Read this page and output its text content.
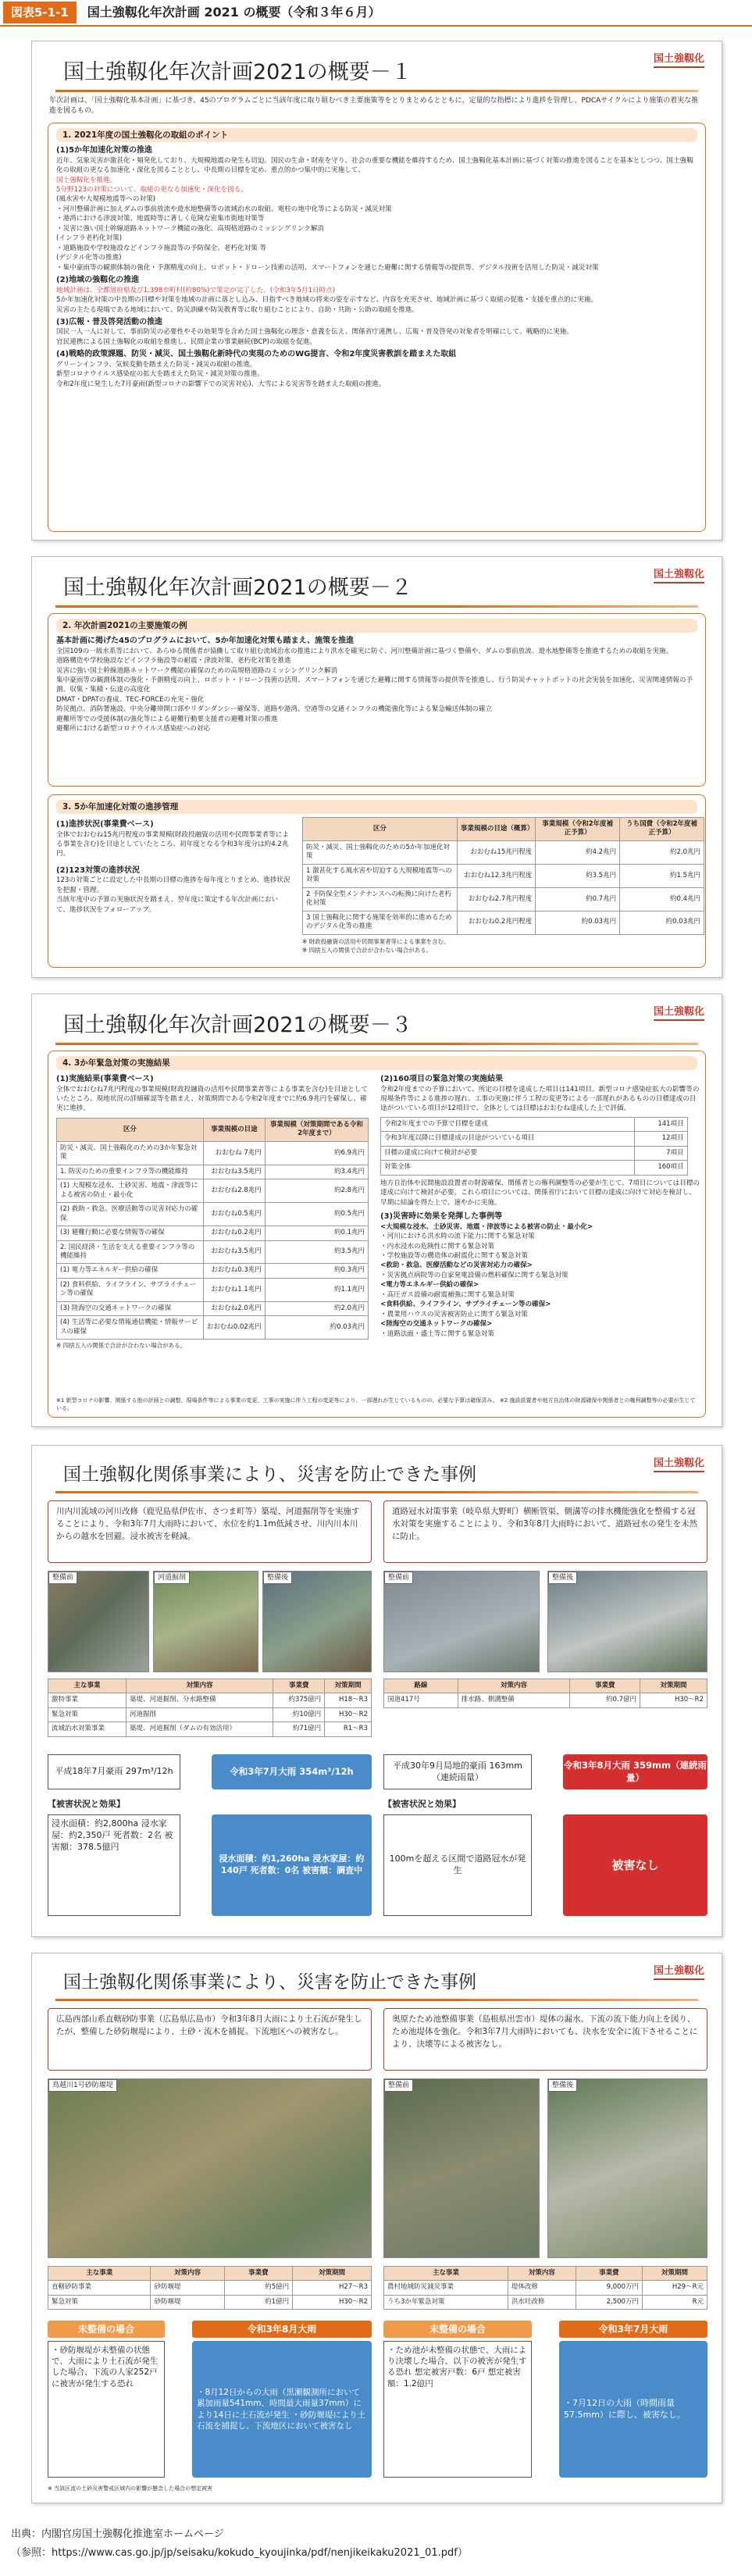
図表5-1-1	国土強靱化年次計画 2021 の概要（令和３年６月）
国土強靱化
国土強靱化年次計画2021の概要－１
年次計画は、「国土強靱化基本計画」に基づき、45のプログラムごとに当該年度に取り組むべき主要施策等をとりまとめるとともに、定量的な指標により進捗を管理し、PDCAサイクルにより施策の着実な推進を図るもの。
1. 2021年度の国土強靱化の取組のポイント
(1)5か年加速化対策の推進
近年、気象災害が激甚化・頻発化しており、大規模地震の発生も切迫。国民の生命・財産を守り、社会の重要な機能を維持するため、国土強靱化基本計画に基づく対策の推進を図ることを基本としつつ、国土強靱化の取組の更なる加速化・深化を図ることとし、中長期の目標を定め、重点的かつ集中的に実施して、
国土強靱化を推進。
5分野123の対策について、取組の更なる加速化・深化を図る。
(風水害や大規模地震等への対策)
・河川整備計画に加えダムの事前放流や遊水地整備等の流域治水の取組、電柱の地中化等による防災・減災対策
・港湾における津波対策、地震時等に著しく危険な密集市街地対策等
・災害に強い国土幹線道路ネットワーク機能の強化、高規格道路のミッシングリンク解消
(インフラ老朽化対策)
・道路施設や学校施設などインフラ施設等の予防保全、老朽化対策 等
(デジタル化等の推進)
・集中豪雨等の観測体制の強化・予測精度の向上、ロボット・ドローン技術の活用、スマートフォンを通じた避難に関する情報等の提供等、デジタル技術を活用した防災・減災対策
(2)地域の強靱化の推進
地域計画は、全都道府県及び1,398市町村(約80%)で策定が完了した。(令和3年5月1日時点)
5か年加速化対策の中長期の目標や対策を地域の計画に落とし込み、目指すべき地域の将来の姿を示すなど、内容を充実させ、地域計画に基づく取組の促進・支援を重点的に実施。
災害の主たる現場である地域において、防災訓練や防災教育等に取り組むことにより、自助・共助・公助の取組を推進。
(3)広報・普及啓発活動の推進
国民一人一人に対して、事前防災の必要性やその効果等を含めた国土強靱化の理念・意義を伝え、関係省庁連携し、広報・普及啓発の対象者を明確にして、戦略的に実施。
官民連携による国土強靱化の取組を推進し、民間企業の事業継続(BCP)の取組を促進。
(4)戦略的政策課題、防災・減災、国土強靱化新時代の実現のためのWG提言、令和2年度災害教訓を踏まえた取組
グリーンインフラ、気候変動を踏まえた防災・減災の取組の推進。
新型コロナウイルス感染症の拡大を踏まえた防災・減災対策の推進。
令和2年度に発生した7月豪雨(新型コロナの影響下での災害対応)、大雪による災害等を踏まえた取組の推進。
国土強靱化
国土強靱化年次計画2021の概要－２
2. 年次計画2021の主要施策の例
基本計画に掲げた45のプログラムにおいて、5か年加速化対策も踏まえ、施策を推進
全国109の一級水系等において、あらゆる関係者が協働して取り組む流域治水の推進により洪水を確実に防ぐ、河川整備計画に基づく整備や、ダムの事前放流、遊水地整備等を推進するための取組を実施。
道路構造や学校施設などインフラ施設等の耐震・津波対策、老朽化対策を推進
災害に強い国土幹線道路ネットワーク機能の確保のための高規格道路のミッシングリンク解消
集中豪雨等の観測体制の強化・予測精度の向上、ロボット・ドローン技術の活用、スマートフォンを通じた避難に関する情報等の提供等を推進し、行う防災チャットボットの社会実装を加速化、災害関連情報の予測、収集・集積・伝達の高度化
DMAT・DPATの養成、TEC-FORCEの充実・強化
防災拠点、消防署施設、中央分離帯開口部やリダンダンシー確保等、道路や港湾、空港等の交通インフラの機能強化等による緊急輸送体制の確立
避難所等での受援体制の強化等による避難行動要支援者の避難対策の推進
避難所における新型コロナウイルス感染症への対応
3. 5か年加速化対策の進捗管理
(1)進捗状況(事業費ベース)
全体でおおむね15兆円程度の事業規模(財政投融資の活用や民間事業者等による事業を含む)を目途としていたところ、初年度となる令和3年度分は約4.2兆円。
(2)123対策の進捗状況
123の対策ごとに設定した中長期の目標の進捗を毎年度とりまとめ、進捗状況を把握・管理。
当該年度中の予算の実施状況を踏まえ、翌年度に策定する年次計画において、進捗状況をフォローアップ。
区分	事業規模の目途（概算）	事業規模（令和2年度補正予算）	うち国費（令和2年度補正予算）
防災・減災、国土強靱化のための5か年加速化対策	おおむね15兆円程度	約4.2兆円	約2.0兆円
1 激甚化する風水害や切迫する大規模地震等への対策	おおむね12.3兆円程度	約3.5兆円	約1.5兆円
2 予防保全型メンテナンスへの転換に向けた老朽化対策	おおむね2.7兆円程度	約0.7兆円	約0.4兆円
3 国土強靱化に関する施策を効率的に進めるためのデジタル化等の推進	おおむね0.2兆円程度	約0.03兆円	約0.03兆円
※ 財政投融資の活用や民間事業者等による事業を含む。
※ 四捨五入の関係で合計が合わない場合がある。
国土強靱化
国土強靱化年次計画2021の概要－３
4. 3か年緊急対策の実施結果
(1)実施結果(事業費ベース)
全体でおおむね7兆円程度の事業規模(財政投融資の活用や民間事業者等による事業を含む)を目途としていたところ、現地状況の詳細確認等を踏まえ、対策期間である令和2年度までに約6.9兆円を確保し、確実に進捗。
区分	事業規模の目途	事業規模（対策期間である令和2年度まで）
防災・減災、国土強靱化のための3か年緊急対策	おおむね 7兆円	約6.9兆円
1. 防災のための重要インフラ等の機能維持	おおむね3.5兆円	約3.4兆円
(1) 大規模な浸水、土砂災害、地震・津波等による被害の防止・最小化	おおむね2.8兆円	約2.8兆円
(2) 救助・救急、医療活動等の災害対応力の確保	おおむね0.5兆円	約0.5兆円
(3) 避難行動に必要な情報等の確保	おおむね0.2兆円	約0.1兆円
2. 国民経済・生活を支える重要インフラ等の機能維持	おおむね3.5兆円	約3.5兆円
(1) 電力等エネルギー供給の確保	おおむね0.3兆円	約0.3兆円
(2) 食料供給、ライフライン、サプライチェーン等の確保	おおむね1.1兆円	約1.1兆円
(3) 陸海空の交通ネットワークの確保	おおむね2.0兆円	約2.0兆円
(4) 生活等に必要な情報通信機能・情報サービスの確保	おおむね0.02兆円	約0.03兆円
※ 四捨五入の関係で合計が合わない場合がある。
(2)160項目の緊急対策の実施結果
令和2年度までの予算において、所定の目標を達成した項目は141項目。新型コロナ感染症拡大の影響等の現場条件等による進捗の遅れ、工事の実施に伴う工程の変更等による一部遅れがあるものの目標達成の目途がついている項目が12項目で、全体としては目標はおおむね達成した上で評価。
令和2年度までの予算で目標を達成	141項目
令和3年度以降に目標達成の目途がついている項目	12項目
目標の達成に向けて検討が必要	7項目
対策全体	160項目
地方自治体や民間施設設置者の財源確保、関係者との権利調整等の必要が生じて、7項目については目標の達成に向けて検討が必要。これら項目については、関係省庁において目標の達成に向けて対応を検討し、早期に結論を得た上で、速やかに実施。
(3)災害時に効果を発揮した事例等
<大規模な浸水、土砂災害、地震・津波等による被害の防止・最小化>
・河川における洪水時の流下能力に関する緊急対策
・内水浸水の危険性に関する緊急対策
・学校施設等の構造体の耐震化に関する緊急対策
<救助・救急、医療活動などの災害対応力の確保>
・災害拠点病院等の自家発電設備の燃料確保に関する緊急対策
<電力等エネルギー供給の確保>
・高圧ガス設備の耐震補強に関する緊急対策
<食料供給、ライフライン、サプライチェーン等の確保>
・農業用ハウスの災害被害防止に関する緊急対策
<陸海空の交通ネットワークの確保>
・道路法面・盛土等に関する緊急対策
※1 新型コロナの影響、関係する他の計画との調整、現場条件等による事業の変更、工事の実施に伴う工程の変更等により、一部遅れが生じているものの、必要な予算は確保済み。 ※2 施設設置者や地方自治体の財源確保や関係者との権利調整等の必要が生じている。
国土強靱化
国土強靱化関係事業により、災害を防止できた事例
川内川流域の河川改修（鹿児島県伊佐市、さつま町等）築堤、河道掘削等を実施することにより、令和3年7月大雨時において、水位を約1.1m低減させ、川内川本川からの越水を回避。浸水被害を軽減。
整備前	河道掘削	整備後
主な事業	対策内容	事業費	対策期間
激特事業	築堤、河道掘削、分水路整備	約375億円	H18～R3
緊急対策	河道掘削	約10億円	H30～R2
流域治水対策事業	築堤、河道掘削（ダムの有効活用）	約71億円	R1～R3
平成18年7月豪雨 297m³/12h	令和3年7月大雨 354m³/12h
【被害状況と効果】
浸水面積：約2,800ha 浸水家屋：約2,350戸 死者数：2名 被害額：378.5億円
浸水面積：約1,260ha 浸水家屋：約140戸 死者数：0名 被害額：調査中
道路冠水対策事業（岐阜県大野町）横断管渠、側溝等の排水機能強化を整備する冠水対策を実施することにより、令和3年8月大雨時において、道路冠水の発生を未然に防止。
整備前	整備後
路線	対策内容	事業費	対策期間
国道417号	排水路、側溝整備	約0.7億円	H30～R2
平成30年9月局地的豪雨 163mm（連続雨量）
令和3年8月大雨 359mm（連続雨量）
【被害状況と効果】
100mを超える区間で道路冠水が発生	被害なし
国土強靱化
国土強靱化関係事業により、災害を防止できた事例
広島西部山系直轄砂防事業（広島県広島市）令和3年8月大雨により土石流が発生したが、整備した砂防堰堤により、土砂・流木を捕捉。下流地区への被害なし。
鳥越川1号砂防堰堤
主な事業	対策内容	事業費	対策期間
直轄砂防事業	砂防堰堤	約5億円	H27～R3
緊急対策	砂防堰堤	約1億円	H30～R2
未整備の場合
・砂防堰堤が未整備の状態で、大雨により土石流が発生した場合、下流の人家252戸に被害が発生する恐れ
令和3年8月大雨
・8月12日からの大雨（黒瀬観測所において累加雨量541mm、時間最大雨量37mm）により14日に土石流が発生 ・砂防堰堤により土石流を捕捉し、下流地区において被害なし
※ 当該区流の土砂災害警戒区域内の影響が懸念した場合の想定被害
奥原たため池整備事業（島根県出雲市）堤体の漏水、下流の流下能力向上を図り、ため池堤体を強化。令和3年7月大雨時においても、決水を安全に流下させることにより、決壊等による被害なし。
整備前	整備後
主な事業	対策内容	事業費	対策期間
農村地域防災減災事業	堤体改修	9,000万円	H29～R元
うち3か年緊急対策	洪水吐改修	2,500万円	R元
未整備の場合
・ため池が未整備の状態で、大雨により決壊した場合、以下の被害が発生する恐れ 想定被害戸数：6戸 想定被害額：1.2億円
令和3年7月大雨
・7月12日の大雨（時間雨量57.5mm）に際し、被害なし。
出典：内閣官房国土強靱化推進室ホームページ
（参照：https://www.cas.go.jp/jp/seisaku/kokudo_kyoujinka/pdf/nenjikeikaku2021_01.pdf）
